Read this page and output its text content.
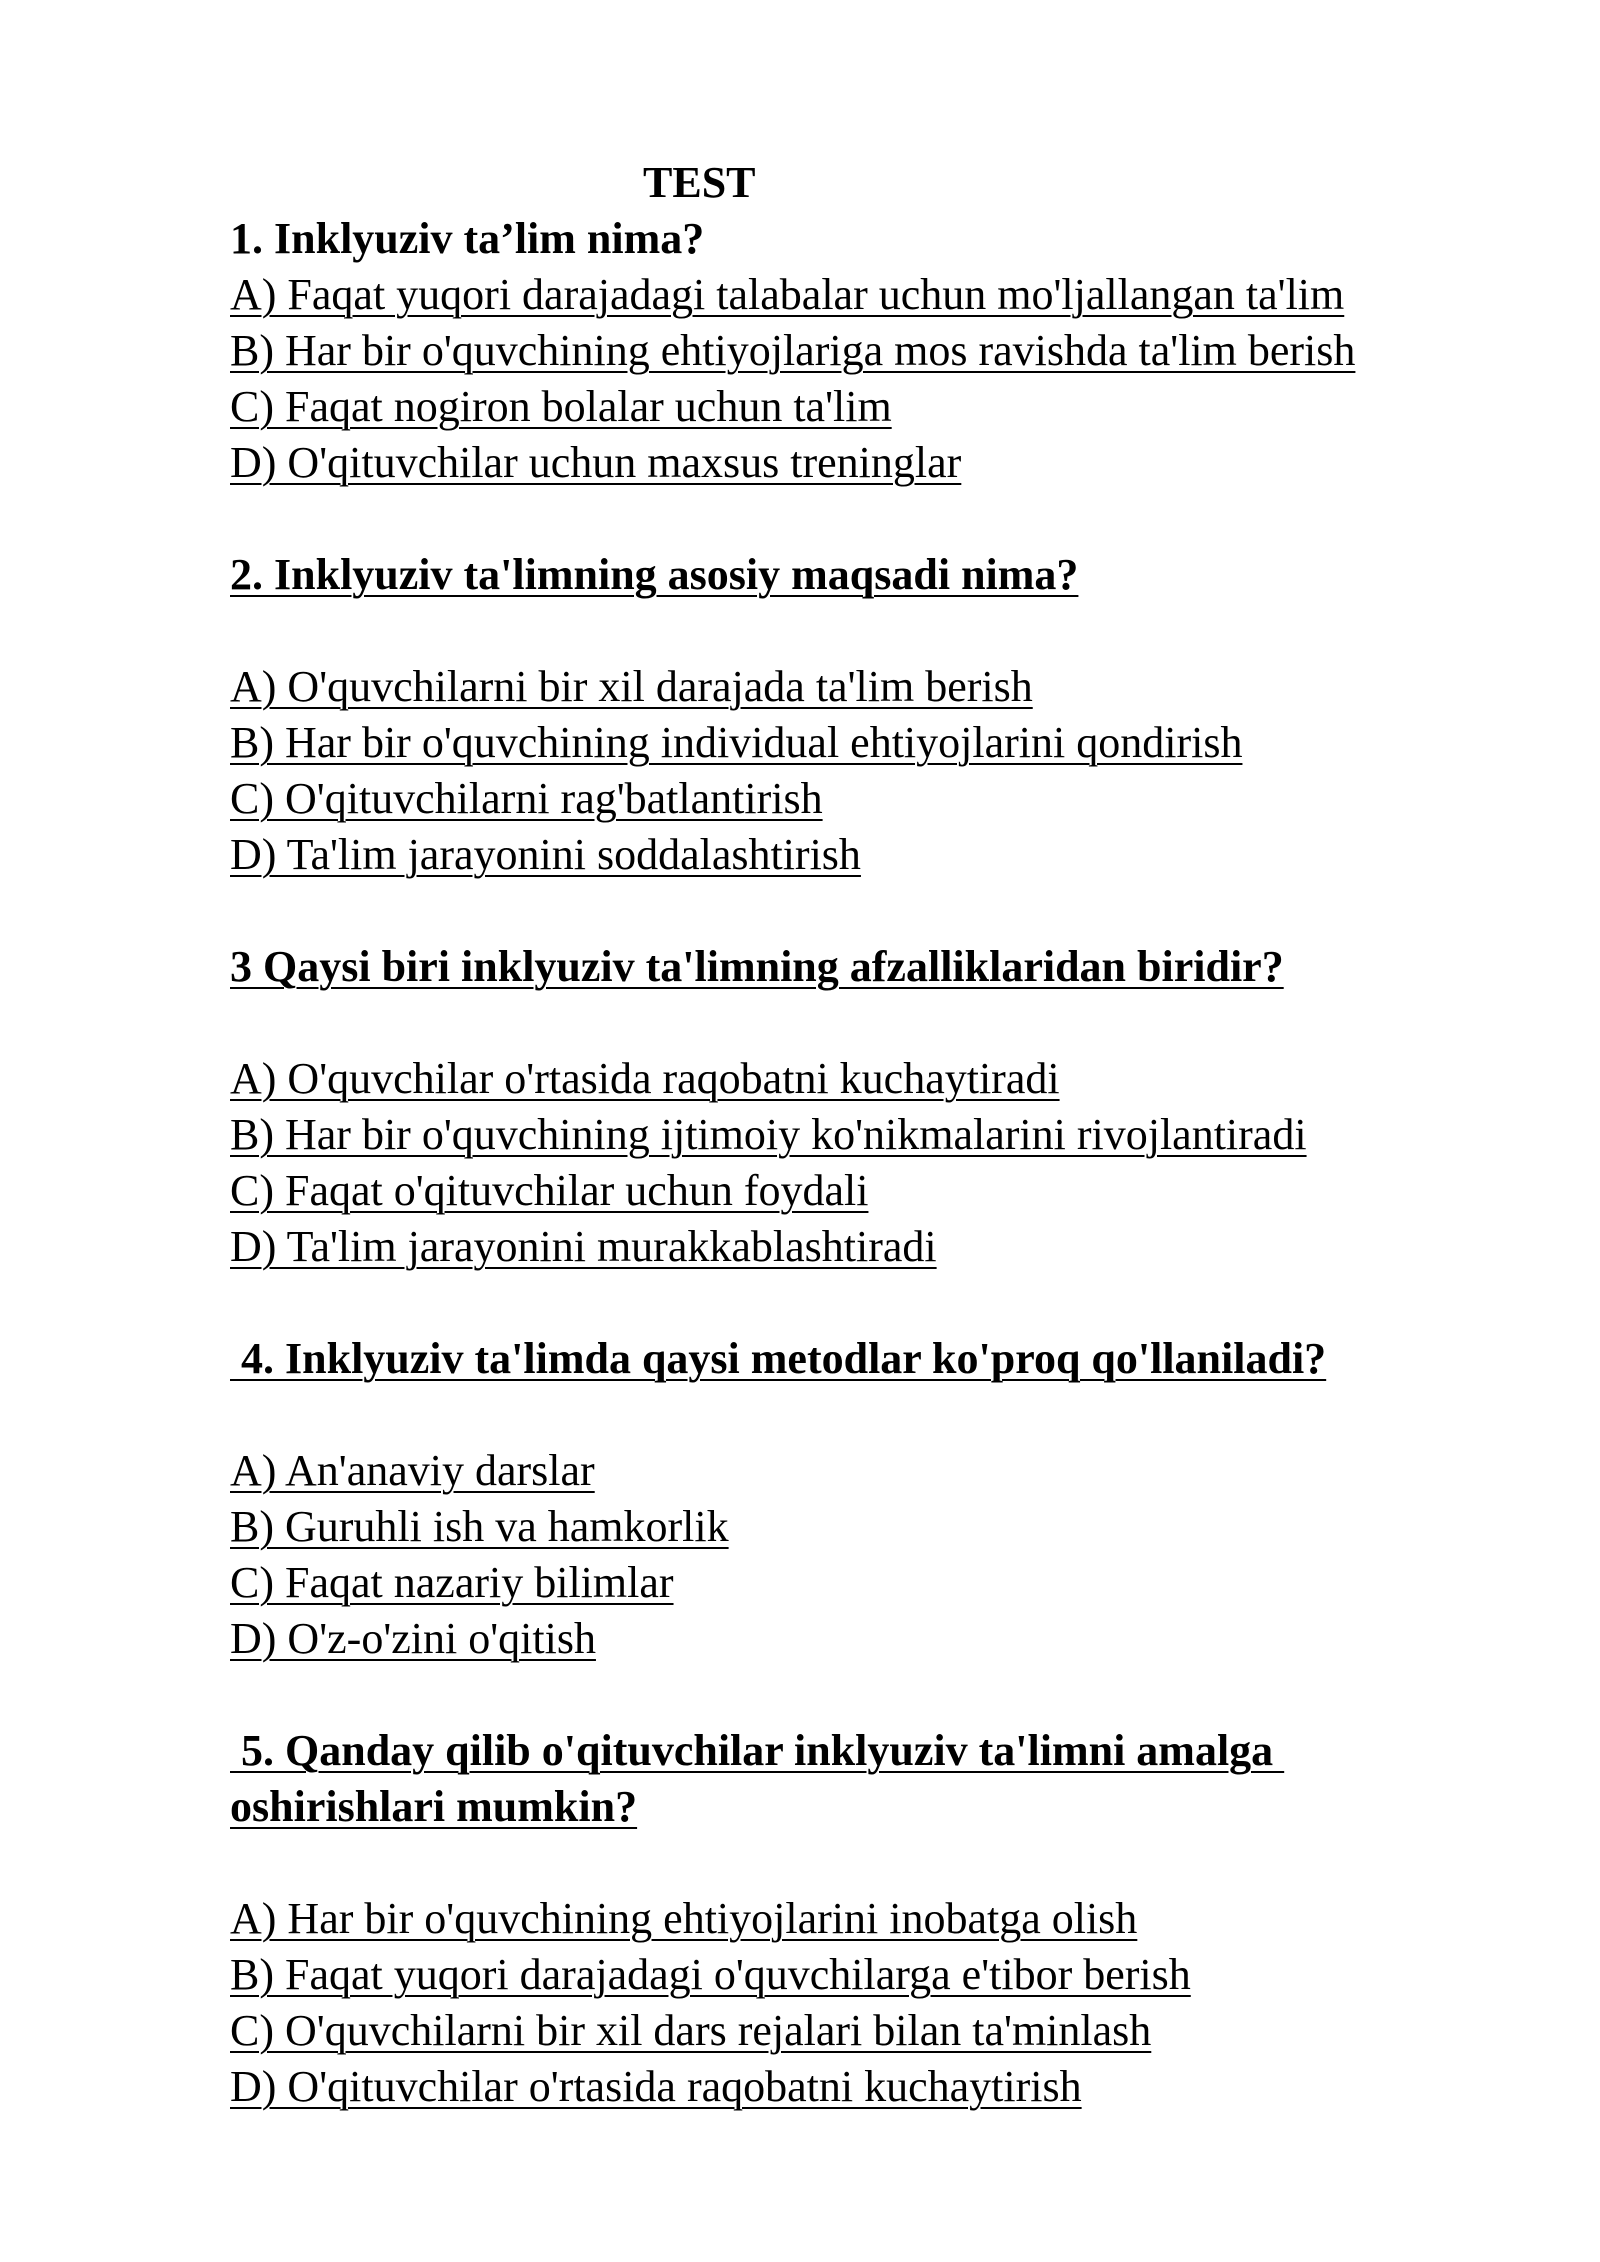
TEST
1. Inklyuziv ta’lim nima?
A) Faqat yuqori darajadagi talabalar uchun mo'ljallangan ta'lim
B) Har bir o'quvchining ehtiyojlariga mos ravishda ta'lim berish
C) Faqat nogiron bolalar uchun ta'lim
D) O'qituvchilar uchun maxsus treninglar
2. Inklyuziv ta'limning asosiy maqsadi nima?
A) O'quvchilarni bir xil darajada ta'lim berish
B) Har bir o'quvchining individual ehtiyojlarini qondirish
C) O'qituvchilarni rag'batlantirish
D) Ta'lim jarayonini soddalashtirish
3 Qaysi biri inklyuziv ta'limning afzalliklaridan biridir?
A) O'quvchilar o'rtasida raqobatni kuchaytiradi
B) Har bir o'quvchining ijtimoiy ko'nikmalarini rivojlantiradi
C) Faqat o'qituvchilar uchun foydali
D) Ta'lim jarayonini murakkablashtiradi
4. Inklyuziv ta'limda qaysi metodlar ko'proq qo'llaniladi?
A) An'anaviy darslar
B) Guruhli ish va hamkorlik
C) Faqat nazariy bilimlar
D) O'z-o'zini o'qitish
5. Qanday qilib o'qituvchilar inklyuziv ta'limni amalga
oshirishlari mumkin?
A) Har bir o'quvchining ehtiyojlarini inobatga olish
B) Faqat yuqori darajadagi o'quvchilarga e'tibor berish
C) O'quvchilarni bir xil dars rejalari bilan ta'minlash
D) O'qituvchilar o'rtasida raqobatni kuchaytirish
